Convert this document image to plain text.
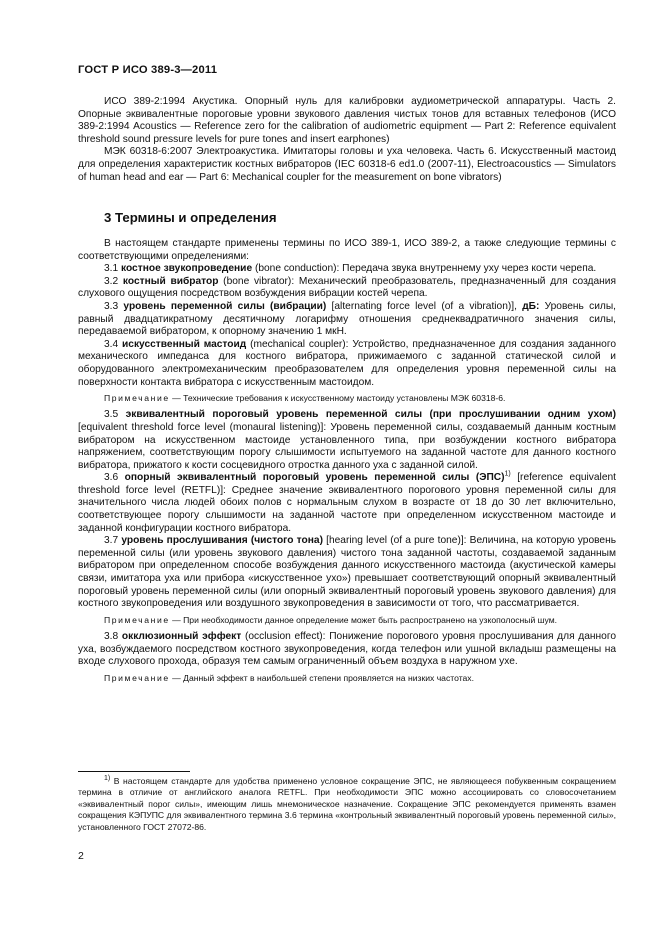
ГОСТ Р ИСО 389-3—2011

ИСО 389-2:1994 Акустика. Опорный нуль для калибровки аудиометрической аппаратуры. Часть 2. Опорные эквивалентные пороговые уровни звукового давления чистых тонов для вставных телефонов (ИСО 389-2:1994 Acoustics — Reference zero for the calibration of audiometric equipment — Part 2: Reference equivalent threshold sound pressure levels for pure tones and insert earphones)

МЭК 60318-6:2007 Электроакустика. Имитаторы головы и уха человека. Часть 6. Искусственный мастоид для определения характеристик костных вибраторов (IEC 60318-6 ed1.0 (2007-11), Electroacoustics — Simulators of human head and ear — Part 6: Mechanical coupler for the measurement on bone vibrators)

3 Термины и определения

В настоящем стандарте применены термины по ИСО 389-1, ИСО 389-2, а также следующие термины с соответствующими определениями:

3.1 костное звукопроведение (bone conduction): Передача звука внутреннему уху через кости черепа.

3.2 костный вибратор (bone vibrator): Механический преобразователь, предназначенный для создания слухового ощущения посредством возбуждения вибрации костей черепа.

3.3 уровень переменной силы (вибрации) [alternating force level (of a vibration)], дБ: Уровень силы, равный двадцатикратному десятичному логарифму отношения среднеквадратичного значения силы, передаваемой вибратором, к опорному значению 1 мкН.

3.4 искусственный мастоид (mechanical coupler): Устройство, предназначенное для создания заданного механического импеданса для костного вибратора, прижимаемого с заданной статической силой и оборудованного электромеханическим преобразователем для определения уровня переменной силы на поверхности контакта вибратора с искусственным мастоидом.

Примечание — Технические требования к искусственному мастоиду установлены МЭК 60318-6.

3.5 эквивалентный пороговый уровень переменной силы (при прослушивании одним ухом) [equivalent threshold force level (monaural listening)]: Уровень переменной силы, создаваемый данным костным вибратором на искусственном мастоиде установленного типа, при возбуждении костного вибратора напряжением, соответствующим порогу слышимости испытуемого на заданной частоте для данного костного вибратора, прижатого к кости сосцевидного отростка данного уха с заданной силой.

3.6 опорный эквивалентный пороговый уровень переменной силы (ЭПС)$^{1)}$ [reference equivalent threshold force level (RETFL)]: Среднее значение эквивалентного порогового уровня переменной силы для значительного числа людей обоих полов с нормальным слухом в возрасте от 18 до 30 лет включительно, соответствующее порогу слышимости на заданной частоте при определенном искусственном мастоиде и заданной конфигурации костного вибратора.

3.7 уровень прослушивания (чистого тона) [hearing level (of a pure tone)]: Величина, на которую уровень переменной силы (или уровень звукового давления) чистого тона заданной частоты, создаваемой заданным вибратором при определенном способе возбуждения данного искусственного мастоида (акустической камеры связи, имитатора уха или прибора «искусственное ухо») превышает соответствующий опорный эквивалентный пороговый уровень переменной силы (или опорный эквивалентный пороговый уровень звукового давления) для костного звукопроведения или воздушного звукопроведения в зависимости от того, что рассматривается.

Примечание — При необходимости данное определение может быть распространено на узкополосный шум.

3.8 окклюзионный эффект (occlusion effect): Понижение порогового уровня прослушивания для данного уха, возбуждаемого посредством костного звукопроведения, когда телефон или ушной вкладыш размещены на входе слухового прохода, образуя тем самым ограниченный объем воздуха в наружном ухе.

Примечание — Данный эффект в наибольшей степени проявляется на низких частотах.

$^{1)}$ В настоящем стандарте для удобства применено условное сокращение ЭПС, не являющееся побуквенным сокращением термина в отличие от английского аналога RETFL. При необходимости ЭПС можно ассоциировать со словосочетанием «эквивалентный порог силы», имеющим лишь мнемоническое назначение. Сокращение ЭПС рекомендуется применять взамен сокращения КЭПУПС для эквивалентного термина 3.6 термина «контрольный эквивалентный пороговый уровень переменной силы», установленного ГОСТ 27072-86.

2
